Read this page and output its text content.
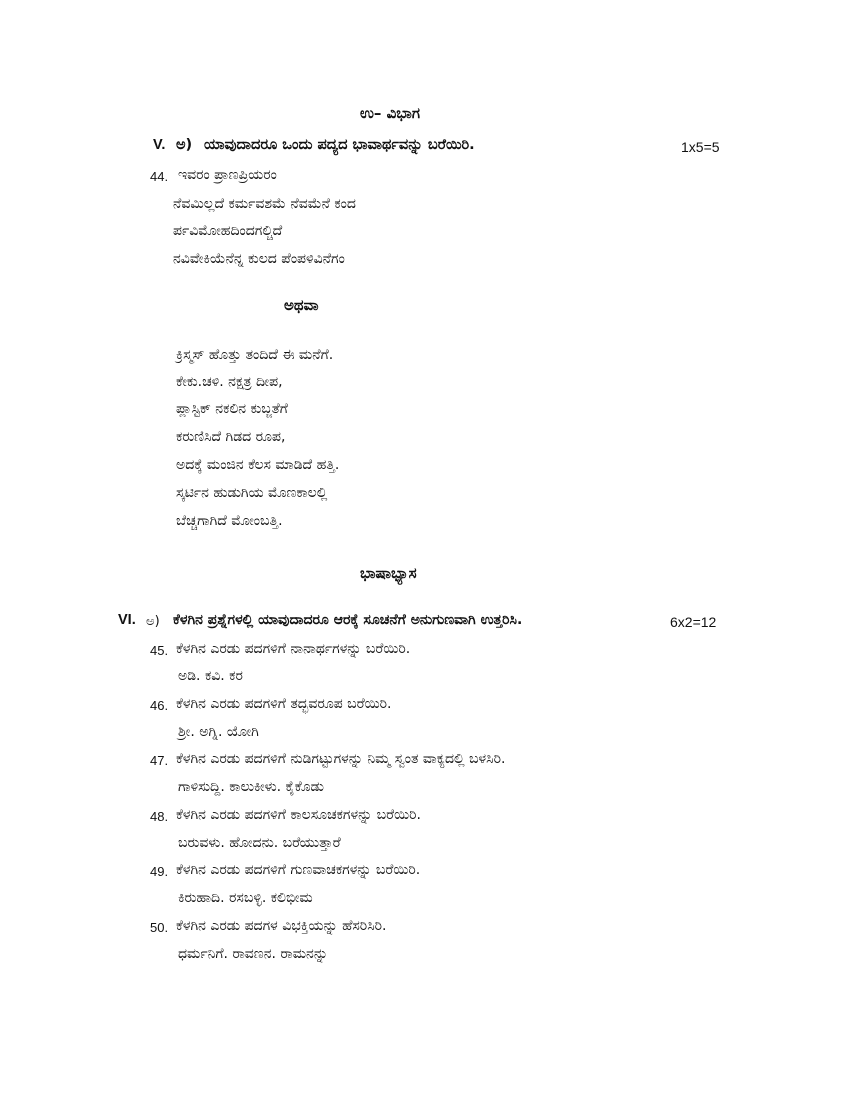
ಉ– ವಿಭಾಗ
V. ಅ) ಯಾವುದಾದರೂ ಒಂದು ಪದ್ಯದ ಭಾವಾರ್ಥವನ್ನು ಬರೆಯಿರಿ.	1x5=5
44. ಇವರಂ ಪ್ರಾಣಪ್ರಿಯರಂ
ನೆವಮಿಲ್ಲದೆ ಕರ್ಮವಶಮೆ ನೆವಮೆನೆ ಕಂದ
ರ್ಪವಿಮೋಹದಿಂದಗಲ್ಚಿದೆ
ನವಿವೇಕಿಯೆನೆನ್ನ ಕುಲದ ಪೆಂಪಳಿವಿನೆಗಂ
ಅಥವಾ
ಕ್ರಿಸ್ಮಸ್ ಹೊತ್ತು ತಂದಿದೆ ಈ ಮನೆಗೆ.
ಕೇಕು.ಚಳಿ. ನಕ್ಷತ್ರ ದೀಪ,
ಪ್ಲಾಸ್ಟಿಕ್ ನಕಲಿನ ಕುಬ್ಜತೆಗೆ
ಕರುಣಿಸಿದೆ ಗಿಡದ ರೂಪ,
ಅದಕ್ಕೆ ಮಂಜಿನ ಕೆಲಸ ಮಾಡಿದೆ ಹತ್ತಿ.
ಸ್ಕರ್ಟಿನ ಹುಡುಗಿಯ ಮೊಣಕಾಲಲ್ಲಿ
ಬೆಚ್ಚಗಾಗಿದೆ ಮೋಂಬತ್ತಿ.
ಭಾಷಾಭ್ಯಾಸ
VI. ಅ) ಕೆಳಗಿನ ಪ್ರಶ್ನೆಗಳಲ್ಲಿ ಯಾವುದಾದರೂ ಆರಕ್ಕೆ ಸೂಚನೆಗೆ ಅನುಗುಣವಾಗಿ ಉತ್ತರಿಸಿ.	6x2=12
45. ಕೆಳಗಿನ ಎರಡು ಪದಗಳಿಗೆ ನಾನಾರ್ಥಗಳನ್ನು ಬರೆಯಿರಿ.
ಅಡಿ. ಕವಿ. ಕರ
46. ಕೆಳಗಿನ ಎರಡು ಪದಗಳಿಗೆ ತದ್ಭವರೂಪ ಬರೆಯಿರಿ.
ಶ್ರೀ. ಅಗ್ನಿ. ಯೋಗಿ
47. ಕೆಳಗಿನ ಎರಡು ಪದಗಳಿಗೆ ನುಡಿಗಟ್ಟುಗಳನ್ನು ನಿಮ್ಮ ಸ್ವಂತ ವಾಕ್ಯದಲ್ಲಿ ಬಳಸಿರಿ.
ಗಾಳಿಸುದ್ದಿ. ಕಾಲುಕೀಳು. ಕೈಕೊಡು
48. ಕೆಳಗಿನ ಎರಡು ಪದಗಳಿಗೆ ಕಾಲಸೂಚಕಗಳನ್ನು ಬರೆಯಿರಿ.
ಬರುವಳು. ಹೋದನು. ಬರೆಯುತ್ತಾರೆ
49. ಕೆಳಗಿನ ಎರಡು ಪದಗಳಿಗೆ ಗುಣವಾಚಕಗಳನ್ನು ಬರೆಯಿರಿ.
ಕಿರುಹಾದಿ. ರಸಬಳ್ಳಿ. ಕಲಿಭೀಮ
50. ಕೆಳಗಿನ ಎರಡು ಪದಗಳ ವಿಭಕ್ತಿಯನ್ನು ಹೆಸರಿಸಿರಿ.
ಧರ್ಮನಿಗೆ. ರಾವಣನ. ರಾಮನನ್ನು
